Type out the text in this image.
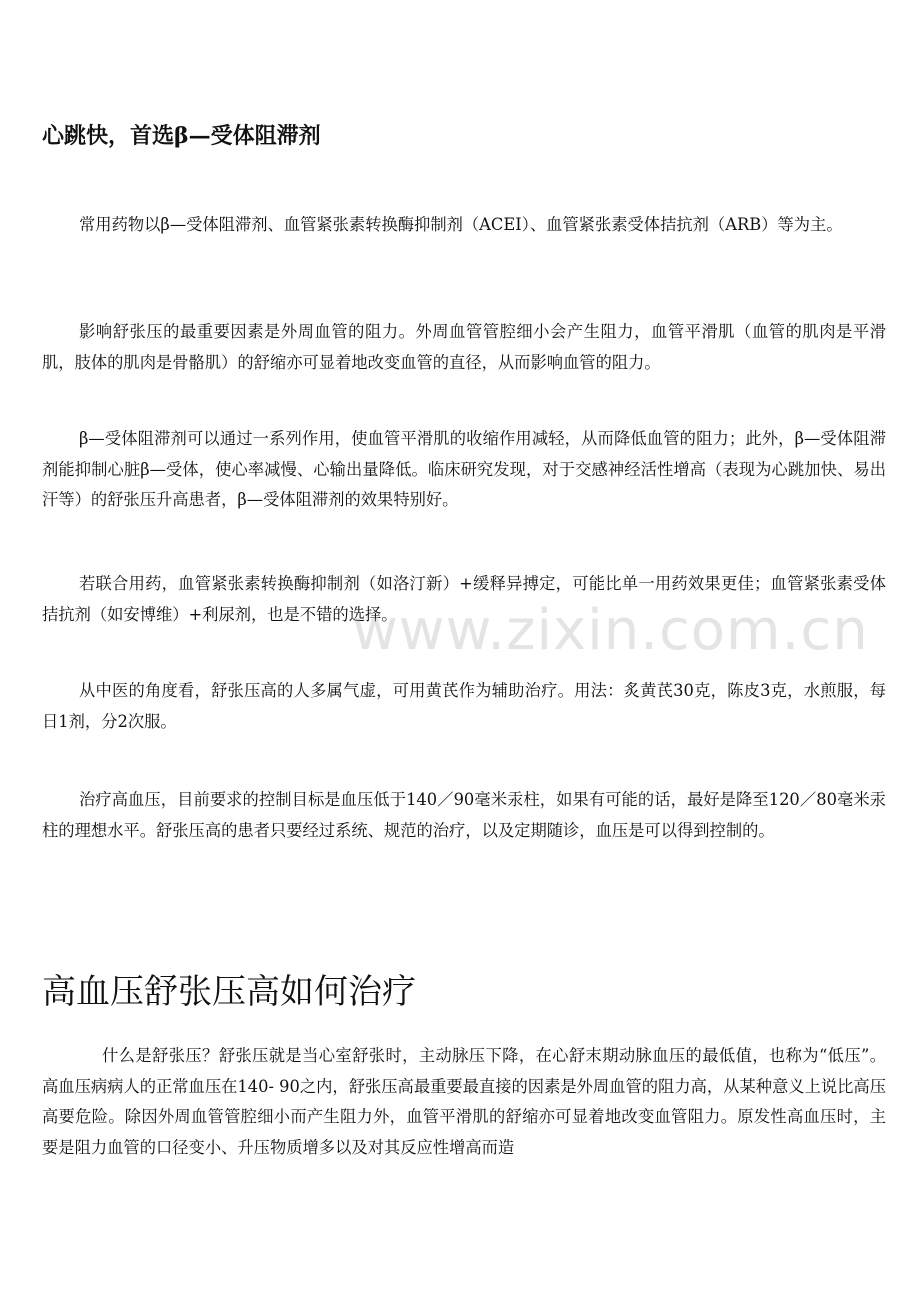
心跳快，首选β—受体阻滞剂

常用药物以β—受体阻滞剂、血管紧张素转换酶抑制剂（ACEI）、血管紧张素受体拮抗剂（ARB）等为主。

影响舒张压的最重要因素是外周血管的阻力。外周血管管腔细小会产生阻力，血管平滑肌（血管的肌肉是平滑肌，肢体的肌肉是骨骼肌）的舒缩亦可显着地改变血管的直径，从而影响血管的阻力。

β—受体阻滞剂可以通过一系列作用，使血管平滑肌的收缩作用减轻，从而降低血管的阻力；此外，β—受体阻滞剂能抑制心脏β—受体，使心率减慢、心输出量降低。临床研究发现，对于交感神经活性增高（表现为心跳加快、易出汗等）的舒张压升高患者，β—受体阻滞剂的效果特别好。

若联合用药，血管紧张素转换酶抑制剂（如洛汀新）+缓释异搏定，可能比单一用药效果更佳；血管紧张素受体拮抗剂（如安博维）+利尿剂，也是不错的选择。

从中医的角度看，舒张压高的人多属气虚，可用黄芪作为辅助治疗。用法：炙黄芪30克，陈皮3克，水煎服，每日1剂，分2次服。

治疗高血压，目前要求的控制目标是血压低于140／90毫米汞柱，如果有可能的话，最好是降至120／80毫米汞柱的理想水平。舒张压高的患者只要经过系统、规范的治疗，以及定期随诊，血压是可以得到控制的。

高血压舒张压高如何治疗

什么是舒张压？舒张压就是当心室舒张时，主动脉压下降，在心舒末期动脉血压的最低值，也称为“低压”。 高血压病病人的正常血压在140- 90之内，舒张压高最重要最直接的因素是外周血管的阻力高，从某种意义上说比高压高要危险。除因外周血管管腔细小而产生阻力外，血管平滑肌的舒缩亦可显着地改变血管阻力。原发性高血压时，主要是阻力血管的口径变小、升压物质增多以及对其反应性增高而造

www.zixin.com.cn
